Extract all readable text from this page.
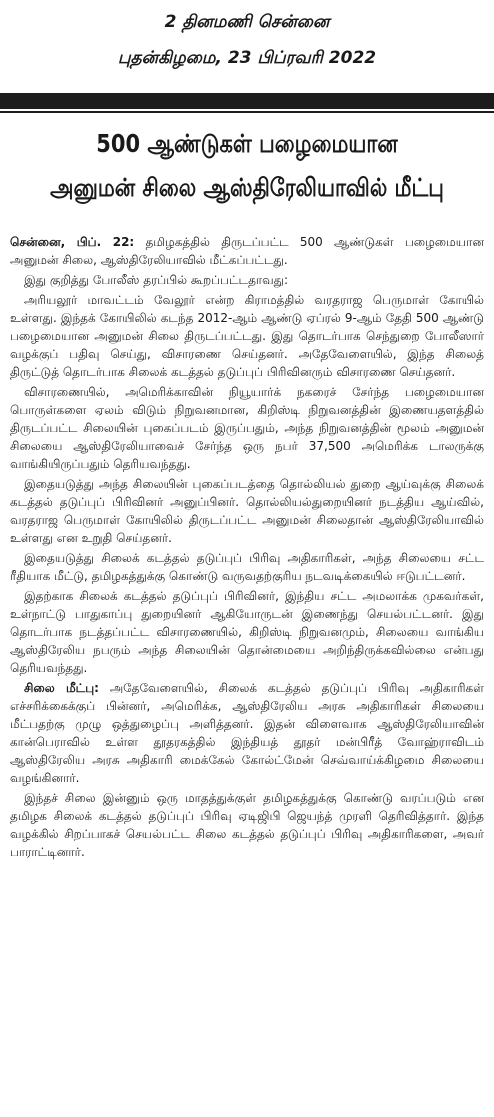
2 தினமணி சென்னை
புதன்கிழமை, 23 பிப்ரவரி 2022
500 ஆண்டுகள் பழைமையான
அனுமன் சிலை ஆஸ்திரேலியாவில் மீட்பு

சென்னை, பிப். 22: தமிழகத்தில் திருடப்பட்ட 500 ஆண்டுகள் பழைமையான அனுமன் சிலை, ஆஸ்திரேலியாவில் மீட்கப்பட்டது.

இது குறித்து போலீஸ் தரப்பில் கூறப்பட்டதாவது:

அரியலூர் மாவட்டம் வேலூர் என்ற கிராமத்தில் வரதராஜ பெருமாள் கோயில் உள்ளது. இந்தக் கோயிலில் கடந்த 2012-ஆம் ஆண்டு ஏப்ரல் 9-ஆம் தேதி 500 ஆண்டு பழைமையான அனுமன் சிலை திருடப்பட்டது. இது தொடர்பாக செந்துறை போலீஸார் வழக்குப் பதிவு செய்து, விசாரணை செய்தனர். அதேவேளையில், இந்த சிலைத் திருட்டுத் தொடர்பாக சிலைக் கடத்தல் தடுப்புப் பிரிவினரும் விசாரணை செய்தனர்.

விசாரணையில், அமெரிக்காவின் நியூயார்க் நகரைச் சேர்ந்த பழைமையான பொருள்களை ஏலம் விடும் நிறுவனமான, கிறிஸ்டி நிறுவனத்தின் இணையதளத்தில் திருடப்பட்ட சிலையின் புகைப்படம் இருப்பதும், அந்த நிறுவனத்தின் மூலம் அனுமன் சிலையை ஆஸ்திரேலியாவைச் சேர்ந்த ஒரு நபர் 37,500 அமெரிக்க டாலருக்கு வாங்கியிருப்பதும் தெரியவந்தது.

இதையடுத்து அந்த சிலையின் புகைப்படத்தை தொல்லியல் துறை ஆய்வுக்கு சிலைக் கடத்தல் தடுப்புப் பிரிவினர் அனுப்பினர். தொல்லியல்துறையினர் நடத்திய ஆய்வில், வரதராஜ பெருமாள் கோயிலில் திருடப்பட்ட அனுமன் சிலைதான் ஆஸ்திரேலியாவில் உள்ளது என உறுதி செய்தனர்.

இதையடுத்து சிலைக் கடத்தல் தடுப்புப் பிரிவு அதிகாரிகள், அந்த சிலையை சட்ட ரீதியாக மீட்டு, தமிழகத்துக்கு கொண்டு வருவதற்குரிய நடவடிக்கையில் ஈடுபட்டனர்.

இதற்காக சிலைக் கடத்தல் தடுப்புப் பிரிவினர், இந்திய சட்ட அமலாக்க முகவர்கள், உள்நாட்டு பாதுகாப்பு துறையினர் ஆகியோருடன் இணைந்து செயல்பட்டனர். இது தொடர்பாக நடத்தப்பட்ட விசாரணையில், கிறிஸ்டி நிறுவனமும், சிலையை வாங்கிய ஆஸ்திரேலிய நபரும் அந்த சிலையின் தொன்மையை அறிந்திருக்கவில்லை என்பது தெரியவந்தது.

சிலை மீட்பு: அதேவேளையில், சிலைக் கடத்தல் தடுப்புப் பிரிவு அதிகாரிகள் எச்சரிக்கைக்குப் பின்னர், அமெரிக்க, ஆஸ்திரேலிய அரசு அதிகாரிகள் சிலையை மீட்பதற்கு முழு ஒத்துழைப்பு அளித்தனர். இதன் விளைவாக ஆஸ்திரேலியாவின் கான்பெராவில் உள்ள தூதரகத்தில் இந்தியத் தூதர் மன்பிரீத் வோஹ்ராவிடம் ஆஸ்திரேலிய அரசு அதிகாரி மைக்கேல் கோல்ட்மேன் செவ்வாய்க்கிழமை சிலையை வழங்கினார்.

இந்தச் சிலை இன்னும் ஒரு மாதத்துக்குள் தமிழகத்துக்கு கொண்டு வரப்படும் என தமிழக சிலைக் கடத்தல் தடுப்புப் பிரிவு ஏடிஜிபி ஜெயந்த் முரளி தெரிவித்தார். இந்த வழக்கில் சிறப்பாகச் செயல்பட்ட சிலை கடத்தல் தடுப்புப் பிரிவு அதிகாரிகளை, அவர் பாராட்டினார்.
